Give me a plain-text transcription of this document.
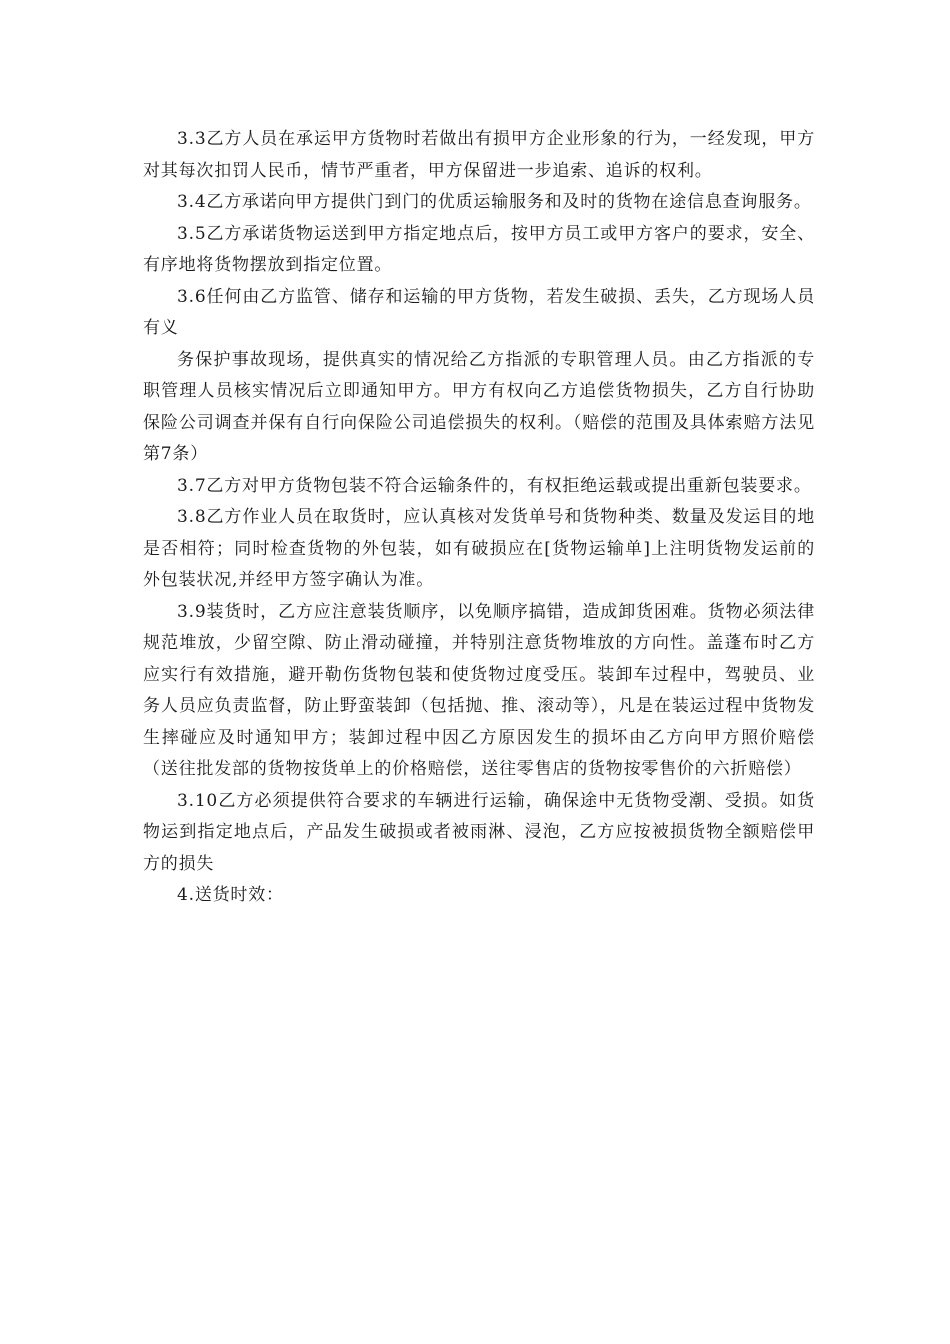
3.3乙方人员在承运甲方货物时若做出有损甲方企业形象的行为，一经发现，甲方对其每次扣罚人民币，情节严重者，甲方保留进一步追索、追诉的权利。

3.4乙方承诺向甲方提供门到门的优质运输服务和及时的货物在途信息查询服务。

3.5乙方承诺货物运送到甲方指定地点后，按甲方员工或甲方客户的要求，安全、有序地将货物摆放到指定位置。

3.6任何由乙方监管、储存和运输的甲方货物，若发生破损、丢失，乙方现场人员有义

务保护事故现场，提供真实的情况给乙方指派的专职管理人员。由乙方指派的专职管理人员核实情况后立即通知甲方。甲方有权向乙方追偿货物损失，乙方自行协助保险公司调查并保有自行向保险公司追偿损失的权利。（赔偿的范围及具体索赔方法见第7条）

3.7乙方对甲方货物包装不符合运输条件的，有权拒绝运载或提出重新包装要求。

3.8乙方作业人员在取货时，应认真核对发货单号和货物种类、数量及发运目的地是否相符；同时检查货物的外包装，如有破损应在[货物运输单]上注明货物发运前的外包装状况,并经甲方签字确认为准。

3.9装货时，乙方应注意装货顺序，以免顺序搞错，造成卸货困难。货物必须法律规范堆放，少留空隙、防止滑动碰撞，并特别注意货物堆放的方向性。盖蓬布时乙方应实行有效措施，避开勒伤货物包装和使货物过度受压。装卸车过程中，驾驶员、业务人员应负责监督，防止野蛮装卸（包括抛、推、滚动等），凡是在装运过程中货物发生摔碰应及时通知甲方；装卸过程中因乙方原因发生的损坏由乙方向甲方照价赔偿（送往批发部的货物按货单上的价格赔偿，送往零售店的货物按零售价的六折赔偿）

3.10乙方必须提供符合要求的车辆进行运输，确保途中无货物受潮、受损。如货物运到指定地点后，产品发生破损或者被雨淋、浸泡，乙方应按被损货物全额赔偿甲方的损失

4.送货时效：
